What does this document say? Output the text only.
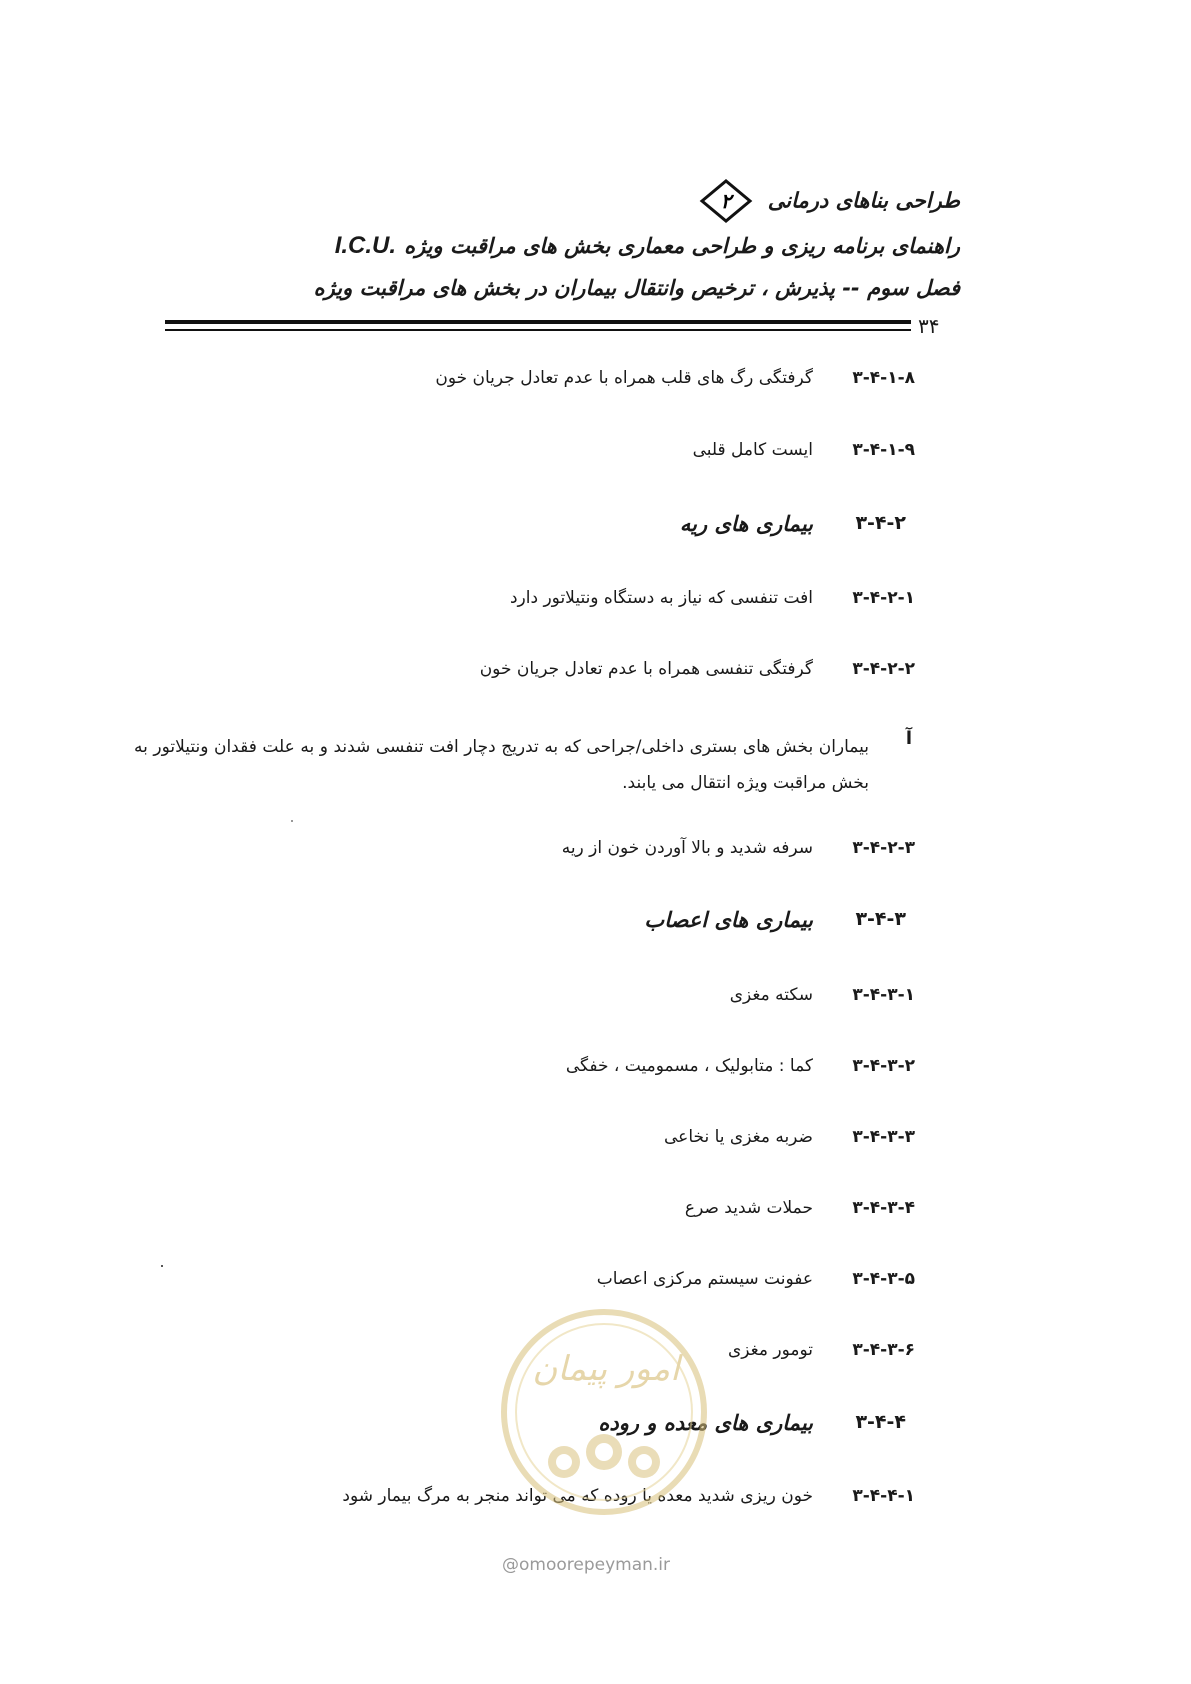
طراحی بناهای درمانی
۲
راهنمای برنامه ریزی و طراحی معماری بخش های مراقبت ویژهI.C.U.
فصل سوم -- پذیرش ، ترخیص وانتقال بیماران در بخش های مراقبت ویژه
۳۴
۳-۴-۱-۸
گرفتگی رگ های قلب همراه با عدم تعادل جریان خون
۳-۴-۱-۹
ایست کامل قلبی
۳-۴-۲
بیماری های ریه
۳-۴-۲-۱
افت تنفسی که نیاز به دستگاه ونتیلاتور دارد
۳-۴-۲-۲
گرفتگی تنفسی همراه با عدم تعادل جریان خون
آ
بیماران بخش های بستری داخلی/جراحی که به تدریج دچار افت تنفسی شدند و به علت فقدان ونتیلاتور به بخش مراقبت ویژه انتقال می یابند.
۳-۴-۲-۳
سرفه شدید و بالا آوردن خون از ریه
۳-۴-۳
بیماری های اعصاب
۳-۴-۳-۱
سکته مغزی
۳-۴-۳-۲
کما : متابولیک ، مسمومیت ، خفگی
۳-۴-۳-۳
ضربه مغزی یا نخاعی
۳-۴-۳-۴
حملات شدید صرع
۳-۴-۳-۵
عفونت سیستم مرکزی اعصاب
۳-۴-۳-۶
تومور مغزی
۳-۴-۴
بیماری های معده و روده
۳-۴-۴-۱
خون ریزی شدید معده یا روده که می تواند منجر به مرگ بیمار شود
امور پیمان
@omoorepeyman.ir
